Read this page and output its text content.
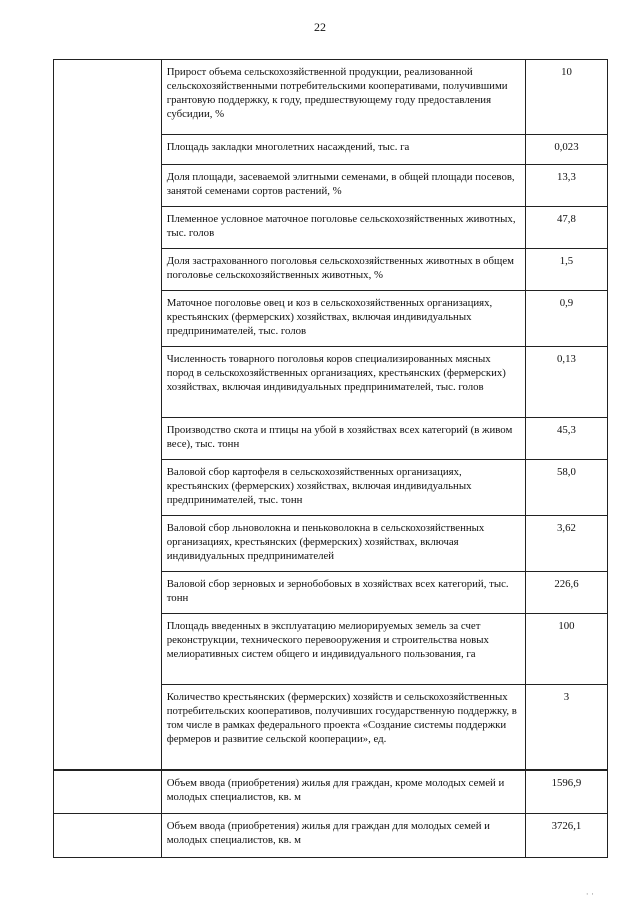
22
	Прирост объема сельскохозяйственной продукции, реализованной сельскохозяйственными потребительскими кооперативами, получившими грантовую поддержку, к году, предшествующему году предоставления субсидии, %	10
	Площадь закладки многолетних насаждений, тыс. га	0,023
	Доля площади, засеваемой элитными семенами, в общей площади посевов, занятой семенами сортов растений, %	13,3
	Племенное условное маточное поголовье сельскохозяйственных животных, тыс. голов	47,8
	Доля застрахованного поголовья сельскохозяйственных животных в общем поголовье сельскохозяйственных животных, %	1,5
	Маточное поголовье овец и коз в сельскохозяйственных организациях, крестьянских (фермерских) хозяйствах, включая индивидуальных предпринимателей, тыс. голов	0,9
	Численность товарного поголовья коров специализированных мясных пород в сельскохозяйственных организациях, крестьянских (фермерских) хозяйствах, включая индивидуальных предпринимателей, тыс. голов	0,13
	Производство скота и птицы на убой в хозяйствах всех категорий (в живом весе), тыс. тонн	45,3
	Валовой сбор картофеля в сельскохозяйственных организациях, крестьянских (фермерских) хозяйствах, включая индивидуальных предпринимателей, тыс. тонн	58,0
	Валовой сбор льноволокна и пеньковолокна в сельскохозяйственных организациях, крестьянских (фермерских) хозяйствах, включая индивидуальных предпринимателей	3,62
	Валовой сбор зерновых и зернобобовых в хозяйствах всех категорий, тыс. тонн	226,6
	Площадь введенных в эксплуатацию мелиорируемых земель за счет реконструкции, технического перевооружения и строительства новых мелиоративных систем общего и индивидуального пользования, га	100
	Количество крестьянских (фермерских) хозяйств и сельскохозяйственных потребительских кооперативов, получивших государственную поддержку, в том числе в рамках федерального проекта «Создание системы поддержки фермеров и развитие сельской кооперации», ед.	3
	Объем ввода (приобретения) жилья для граждан, кроме молодых семей и молодых специалистов, кв. м	1596,9
	Объем ввода (приобретения) жилья для граждан для молодых семей и молодых специалистов, кв. м	3726,1
· ·
